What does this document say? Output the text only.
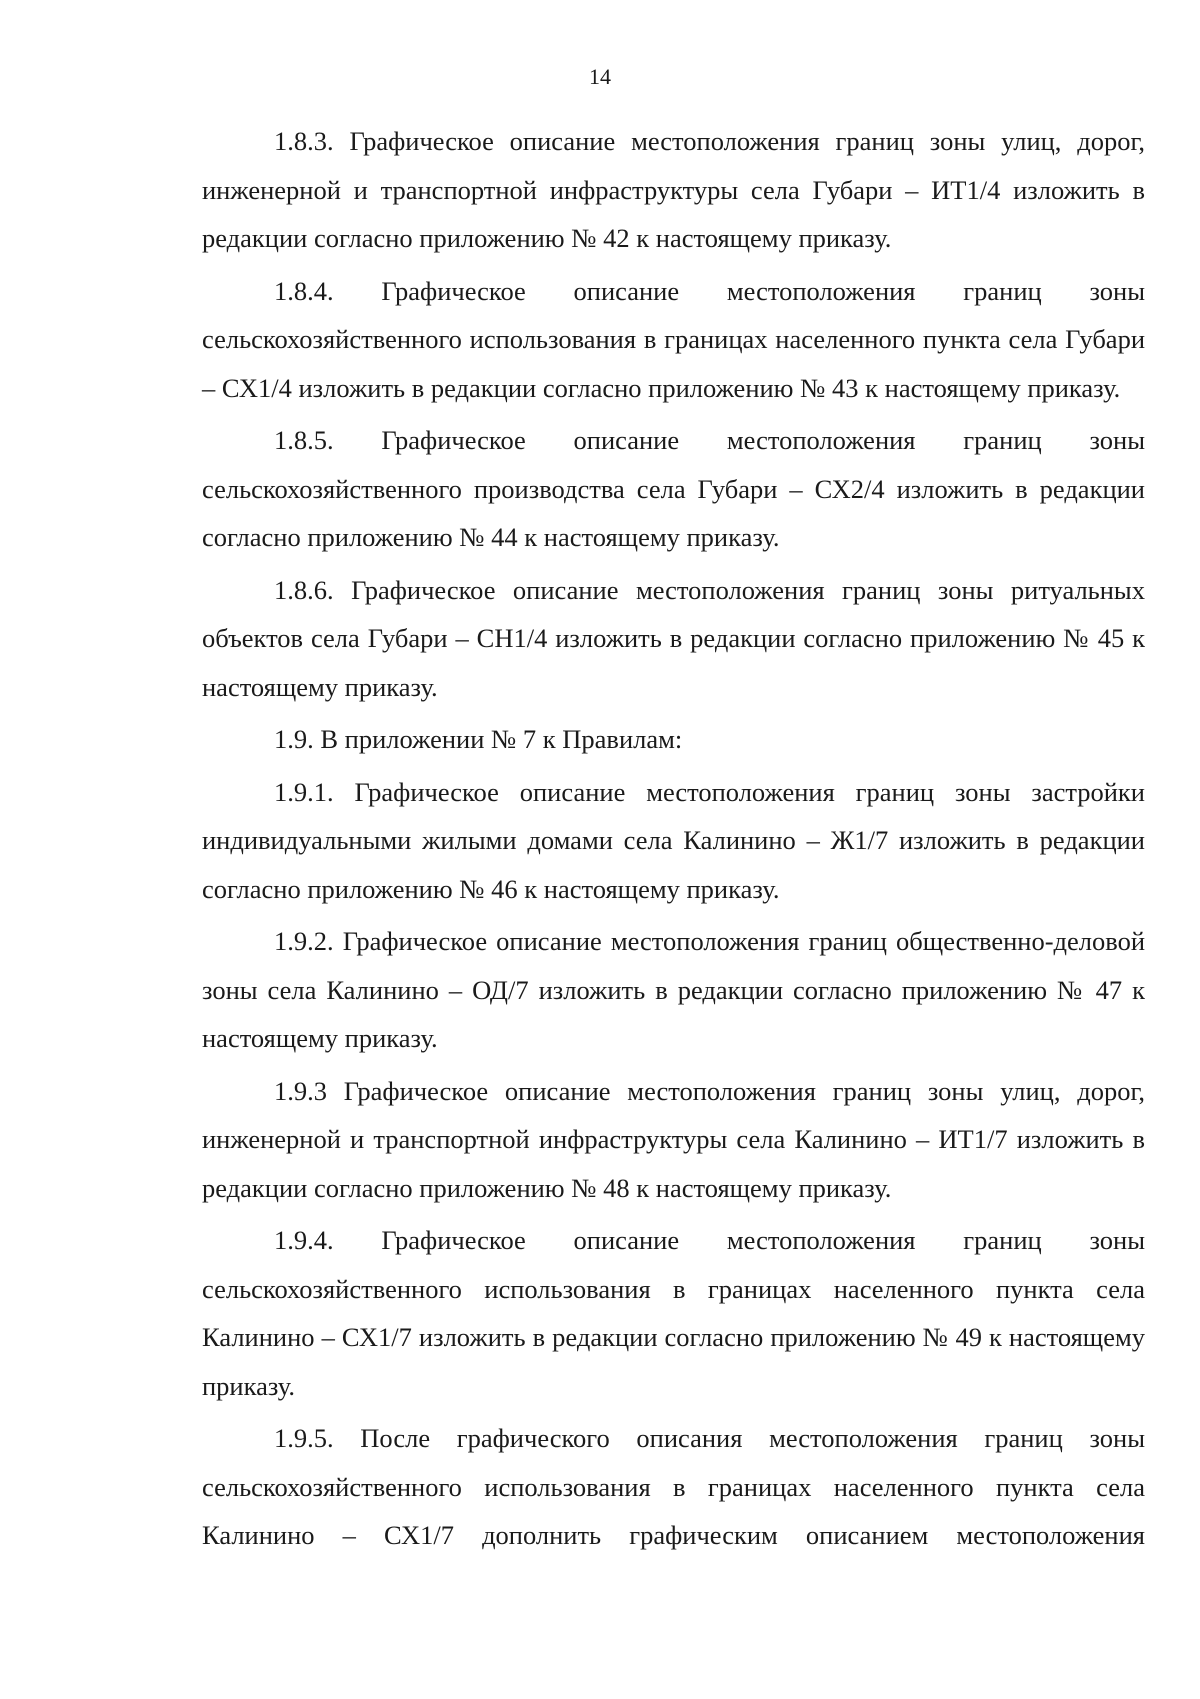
14

1.8.3. Графическое описание местоположения границ зоны улиц, дорог, инженерной и транспортной инфраструктуры села Губари – ИТ1/4 изложить в редакции согласно приложению № 42 к настоящему приказу.

1.8.4. Графическое описание местоположения границ зоны сельскохозяйственного использования в границах населенного пункта села Губари – СХ1/4 изложить в редакции согласно приложению № 43 к настоящему приказу.

1.8.5. Графическое описание местоположения границ зоны сельскохозяйственного производства села Губари – СХ2/4 изложить в редакции согласно приложению № 44 к настоящему приказу.

1.8.6. Графическое описание местоположения границ зоны ритуальных объектов села Губари – СН1/4 изложить в редакции согласно приложению № 45 к настоящему приказу.

1.9. В приложении № 7 к Правилам:

1.9.1. Графическое описание местоположения границ зоны застройки индивидуальными жилыми домами села Калинино – Ж1/7 изложить в редакции согласно приложению № 46 к настоящему приказу.

1.9.2. Графическое описание местоположения границ общественно-деловой зоны села Калинино – ОД/7 изложить в редакции согласно приложению № 47 к настоящему приказу.

1.9.3 Графическое описание местоположения границ зоны улиц, дорог, инженерной и транспортной инфраструктуры села Калинино – ИТ1/7 изложить в редакции согласно приложению № 48 к настоящему приказу.

1.9.4. Графическое описание местоположения границ зоны сельскохозяйственного использования в границах населенного пункта села Калинино – СХ1/7 изложить в редакции согласно приложению № 49 к настоящему приказу.

1.9.5. После графического описания местоположения границ зоны сельскохозяйственного использования в границах населенного пункта села Калинино – СХ1/7 дополнить графическим описанием местоположения
